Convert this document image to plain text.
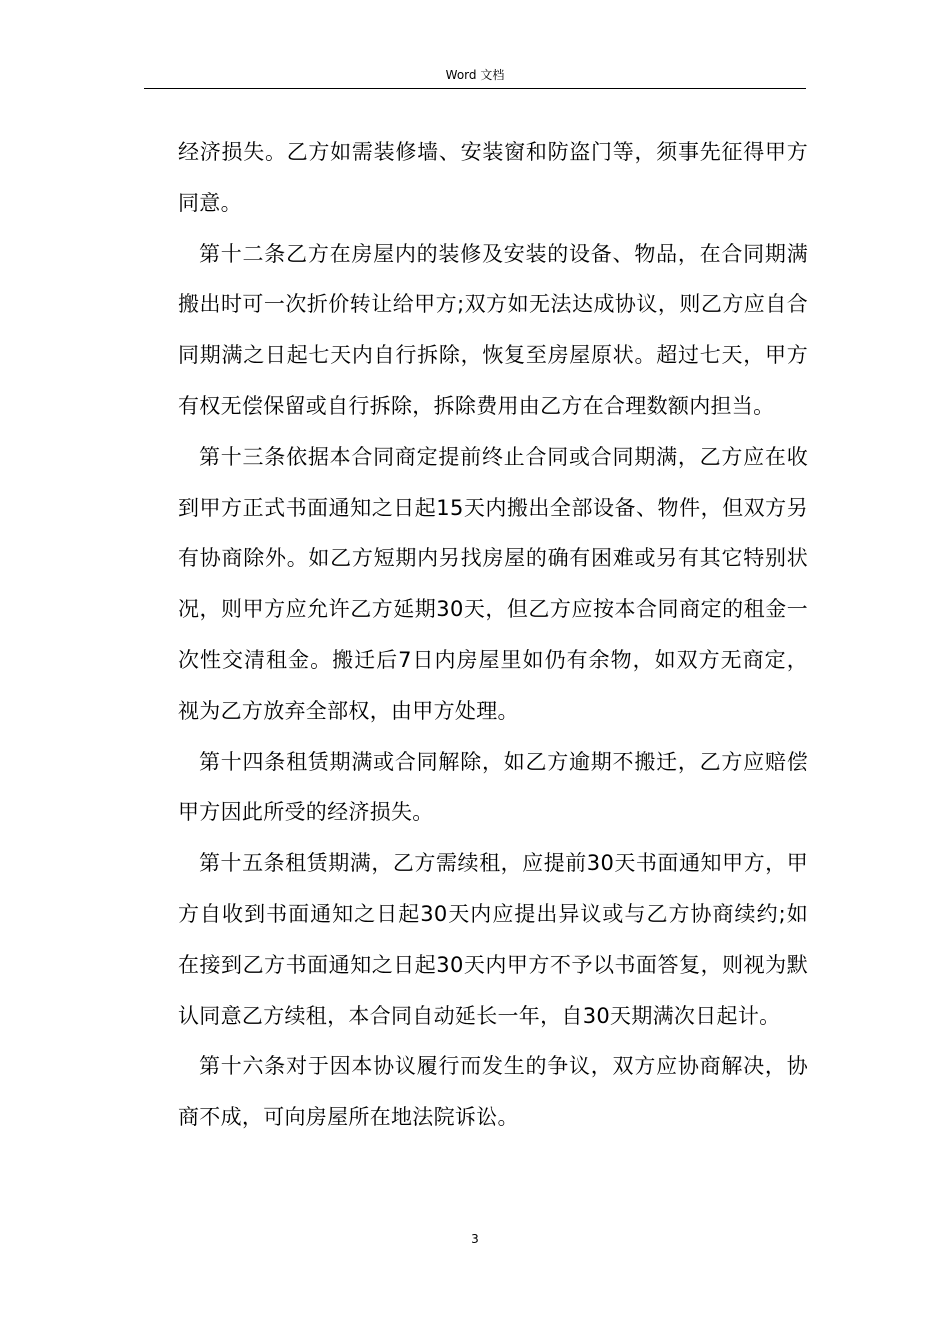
Word 文档

经济损失。乙方如需装修墙、安装窗和防盗门等，须事先征得甲方同意。

第十二条乙方在房屋内的装修及安装的设备、物品，在合同期满搬出时可一次折价转让给甲方;双方如无法达成协议，则乙方应自合同期满之日起七天内自行拆除，恢复至房屋原状。超过七天，甲方有权无偿保留或自行拆除，拆除费用由乙方在合理数额内担当。

第十三条依据本合同商定提前终止合同或合同期满，乙方应在收到甲方正式书面通知之日起15天内搬出全部设备、物件，但双方另有协商除外。如乙方短期内另找房屋的确有困难或另有其它特别状况，则甲方应允许乙方延期30天，但乙方应按本合同商定的租金一次性交清租金。搬迁后7日内房屋里如仍有余物，如双方无商定，视为乙方放弃全部权，由甲方处理。

第十四条租赁期满或合同解除，如乙方逾期不搬迁，乙方应赔偿甲方因此所受的经济损失。

第十五条租赁期满，乙方需续租，应提前30天书面通知甲方，甲方自收到书面通知之日起30天内应提出异议或与乙方协商续约;如在接到乙方书面通知之日起30天内甲方不予以书面答复，则视为默认同意乙方续租，本合同自动延长一年，自30天期满次日起计。

第十六条对于因本协议履行而发生的争议，双方应协商解决，协商不成，可向房屋所在地法院诉讼。

3
